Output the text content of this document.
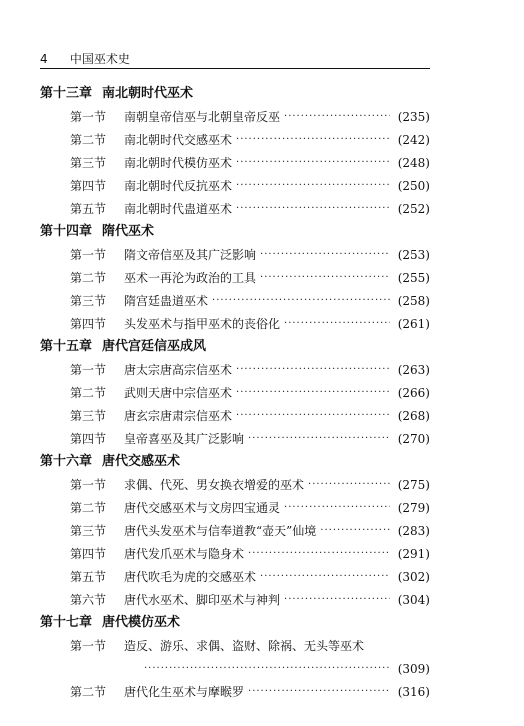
4 中国巫术史
第十三章 南北朝时代巫术
第一节 南朝皇帝信巫与北朝皇帝反巫 ·····	(235)
第二节 南北朝时代交感巫术 ·····	(242)
第三节 南北朝时代模仿巫术 ·····	(248)
第四节 南北朝时代反抗巫术 ·····	(250)
第五节 南北朝时代蛊道巫术 ·····	(252)
第十四章 隋代巫术
第一节 隋文帝信巫及其广泛影响 ·····	(253)
第二节 巫术一再沦为政治的工具 ·····	(255)
第三节 隋宫廷蛊道巫术 ·····	(258)
第四节 头发巫术与指甲巫术的丧俗化 ·····	(261)
第十五章 唐代宫廷信巫成风
第一节 唐太宗唐高宗信巫术 ·····	(263)
第二节 武则天唐中宗信巫术 ·····	(266)
第三节 唐玄宗唐肃宗信巫术 ·····	(268)
第四节 皇帝喜巫及其广泛影响 ·····	(270)
第十六章 唐代交感巫术
第一节 求偶、代死、男女换衣增爱的巫术 ·····	(275)
第二节 唐代交感巫术与文房四宝通灵 ·····	(279)
第三节 唐代头发巫术与信奉道教“壶天”仙境 ·····	(283)
第四节 唐代发爪巫术与隐身术 ·····	(291)
第五节 唐代吹毛为虎的交感巫术 ·····	(302)
第六节 唐代水巫术、脚印巫术与神判 ·····	(304)
第十七章 唐代模仿巫术
第一节 造反、游乐、求偶、盗财、除祸、无头等巫术
·····
(309)
第二节 唐代化生巫术与摩睺罗 ·····	(316)
